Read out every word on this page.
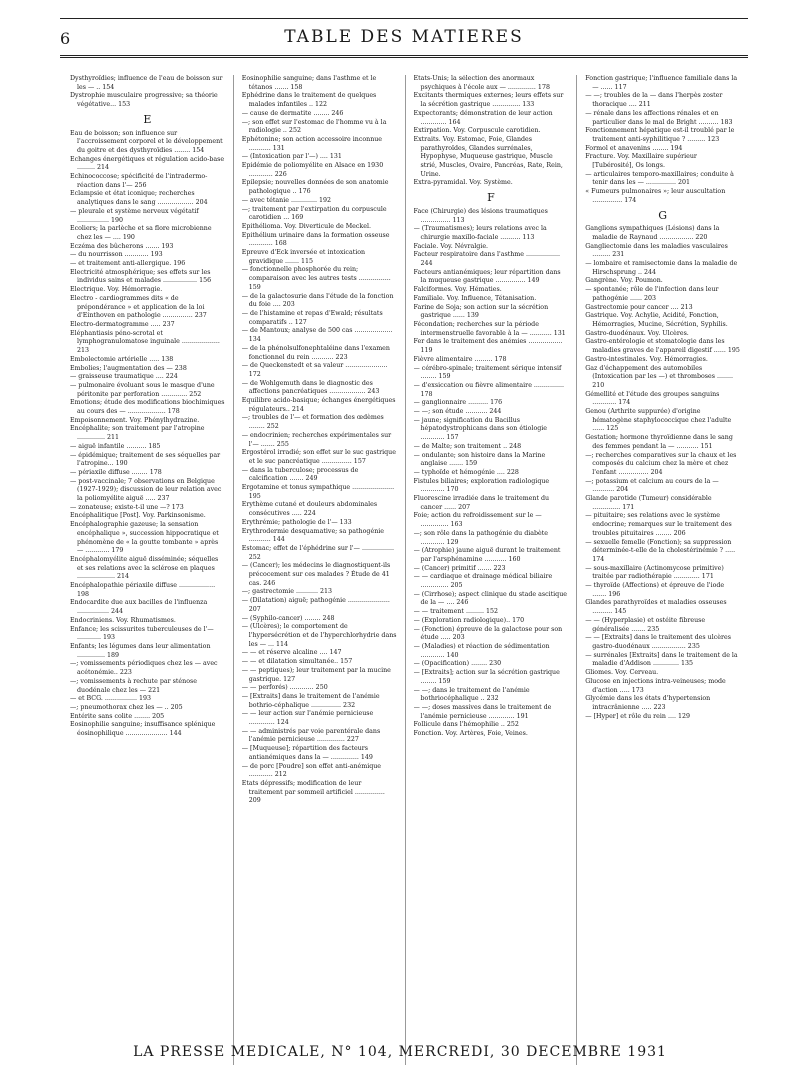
6	TABLE DES MATIERES

Dysthyroïdies; influence de l'eau de boisson sur les — .. 154

Dystrophie musculaire progressive; sa théorie végétative... 153

E

Eau de boisson; son influence sur l'accroissement corporel et le développement du goitre et des dysthyroïdies ........ 154

Echanges énergétiques et régulation acido-base ......... 214

Echinococcose; spécificité de l'intradermo-réaction dans l'— 256

Eclampsie et état iconique; recherches analytiques dans le sang .................. 204

— pleurale et système nerveux végétatif ................ 190

Ecoliers; la parlèche et sa flore microbienne chez les — .... 190

Eczéma des bûcherons ....... 193

— du nourrisson ............ 193

— et traitement anti-allergique. 196

Electricité atmosphérique; ses effets sur les individus sains et malades ................. 156

Electrique. Voy. Hémorragie.

Electro - cardiogrammes dits « de prépondérance » et application de la loi d'Einthoven en pathologie ............... 237

Electro-dermatogramme ..... 237

Eléphantiasis péno-scrotal et lymphogranulomatose inguinale ................... 213

Embolectomie artérielle ..... 138

Embolies; l'augmentation des — 238

— graisseuse traumatique .... 224

— pulmonaire évoluant sous le masque d'une péritonite par perforation ............. 252

Emotions; étude des modifications biochimiques au cours des — ................... 178

Empoisonnement. Voy. Phénylhydrazine.

Encéphalite; son traitement par l'atropine .............. 211

— aiguë infantile .......... 185

— épidémique; traitement de ses séquelles par l'atropine... 190

— périaxile diffuse ........ 178

— post-vaccinale; 7 observations en Belgique (1927-1929); discussion de leur relation avec la poliomyélite aiguë ..... 237

— zonateuse; existe-t-il une —? 173

Encéphalitique [Post]. Voy. Parkinsonisme.

Encéphalographie gazeuse; la sensation encéphalique », succession hippocratique et phénomène de « la goutte tombante » après — ............ 179

Encéphalomyélite aiguë disséminée; séquelles et ses relations avec la sclérose en plaques ................... 214

Encéphalopathie périaxile diffuse .................. 198

Endocardite due aux bacilles de l'influenza ................ 244

Endocriniens. Voy. Rhumatismes.

Enfance; les scissurites tuberculeuses de l'— ............ 193

Enfants; les légumes dans leur alimentation .............. 189

—; vomissements périodiques chez les — avec acétonémie.. 223

—; vomissements à rechute par sténose duodénale chez les — 221

— et BCG. ................ 193

—; pneumothorax chez les — .. 205

Entérite sans colite ........ 205

Eosinophilie sanguine; insuffisance splénique éosinophilique ..................... 144

Eosinophilie sanguine; dans l'asthme et le tétanos ....... 158

Ephédrine dans le traitement de quelques malades infantiles .. 122

— cause de dermatite ........ 246

—; son effet sur l'estomac de l'homme vu à la radiologie .. 252

Ephétonine; son action accessoire inconnue ........... 131

— (Intoxication par l'—) .... 131

Epidémie de poliomyélite en Alsace en 1930 ............ 226

Epilepsie; nouvelles données de son anatomie pathologique .. 176

— avec tétanie ............. 192

—; traitement par l'extirpation du corpuscule carotidien ... 169

Epithélioma. Voy. Diverticule de Meckel.

Epithélium urinaire dans la formation osseuse ............ 168

Epreuve d'Eck inversée et intoxication gravidique ....... 115

— fonctionnelle phosphorée du rein; comparaison avec les autres tests ................ 159

— de la galactosurie dans l'étude de la fonction du foie .... 203

— de l'histamine et repas d'Ewald; résultats comparatifs .. 127

— de Mantoux; analyse de 500 cas ................... 134

— de la phénolsulfonephtaléine dans l'examen fonctionnel du rein ........... 223

— de Queckenstedt et sa valeur ..................... 172

— de Wohlgemuth dans le diagnostic des affections pancréatiques .................. 243

Equilibre acido-basique; échanges énergétiques régulateurs.. 214

—; troubles de l'— et formation des œdèmes ........ 252

— endocrinien; recherches expérimentales sur l'— ....... 255

Ergostérol irradié; son effet sur le suc gastrique et le suc pancréatique ............... 157

— dans la tuberculose; processus de calcification ....... 249

Ergotamine et tonus sympathique ..................... 195

Erythème cutané et douleurs abdominales consécutives ..... 224

Erythrémie; pathologie de l'— 133

Erythrodermie desquamative; sa pathogénie ........... 144

Estomac; effet de l'éphédrine sur l'— ................ 252

— (Cancer); les médecins le diagnostiquent-ils précocement sur ces malades ? Étude de 41 cas. 246

—; gastrectomie ........... 213

— (Dilatation) aiguë; pathogénie ..................... 207

— (Syphilo-cancer) ........ 248

— (Ulcères); le comportement de l'hypersécrétion et de l'hyperchlorhydrie dans les — ... 114

— — et réserve alcaline .... 147

— — et dilatation simultanée.. 157

— — peptiques); leur traitement par la mucine gastrique. 127

— — perforés) ............ 250

— [Extraits] dans le traitement de l'anémie bothrio-céphalique ............... 232

— — leur action sur l'anémie pernicieuse ............. 124

— — administrés par voie parentérale dans l'anémie pernicieuse .............. 227

— [Muqueuse]; répartition des facteurs antianémiques dans la — .............. 149

— de porc [Poudre] son effet anti-anémique ............ 212

Etats dépressifs; modification de leur traitement par sommeil artificiel ............... 209

Etats-Unis; la sélection des anormaux psychiques à l'école aux — .............. 178

Excitants thermiques externes; leurs effets sur la sécrétion gastrique .............. 133

Expectorants; démonstration de leur action ............. 164

Extirpation. Voy. Corpuscule carotidien.

Extraits. Voy. Estomac, Foie, Glandes parathyroïdes, Glandes surrénales, Hypophyse, Muqueuse gastrique, Muscle strié, Muscles, Ovaire, Pancréas, Rate, Rein, Urine.

Extra-pyramidal. Voy. Système.

F

Face (Chirurgie) des lésions traumatiques ............... 113

— (Traumatismes); leurs relations avec la chirurgie maxillo-faciale .......... 113

Faciale. Voy. Névralgie.

Facteur respiratoire dans l'asthme ................. 244

Facteurs antianémiques; leur répartition dans la muqueuse gastrique ............... 149

Falciformes. Voy. Hématies.

Familiale. Voy. Influence, Tétanisation.

Farine de Soja; son action sur la sécrétion gastrique ...... 139

Fécondation; recherches sur la période intermenstruelle favorable à la — ........... 131

Fer dans le traitement des anémies ................. 119

Fièvre alimentaire ......... 178

— cérébro-spinale; traitement sérique intensif ........ 159

— d'exsiccation ou fièvre alimentaire ............... 178

— ganglionnaire .......... 176

— —; son étude ........... 244

— jaune; signification du Bacillus hépatodystrophicans dans son étiologie ............ 157

— de Malte; son traitement .. 248

— ondulante; son histoire dans la Marine anglaise ....... 159

— typhoïde et hémogénie .... 228

Fistules biliaires; exploration radiologique ............ 170

Fluorescine irradiée dans le traitement du cancer ...... 207

Foie; action du refroidissement sur le — .............. 163

—; son rôle dans la pathogénie du diabète ............ 129

— (Atrophie) jaune aiguë durant le traitement par l'arsphénamine ........... 160

— (Cancer) primitif ....... 223

— — cardiaque et drainage médical biliaire .............. 205

— (Cirrhose); aspect clinique du stade ascitique de la — .... 246

— — traitement ......... 152

— (Exploration radiologique).. 170

— (Fonction) épreuve de la galactose pour son étude ..... 203

— (Maladies) et réaction de sédimentation ............ 140

— (Opacification) ........ 230

— [Extraits]; action sur la sécrétion gastrique ........ 159

— —; dans le traitement de l'anémie bothriocéphalique .. 232

— —; doses massives dans le traitement de l'anémie pernicieuse ............. 191

Follicule dans l'hémophilie .. 252

Fonction. Voy. Artères, Foie, Veines.

Fonction gastrique; l'influence familiale dans la — ...... 117

— —; troubles de la — dans l'herpès zoster thoracique .... 211

— rénale dans les affections rénales et en particulier dans le mal de Bright .......... 183

Fonctionnement hépatique est-il troublé par le traitement anti-syphilitique ? ......... 123

Formol et anavenins ........ 194

Fracture. Voy. Maxillaire supérieur [Tubérosité], Os longs.

— articulaires temporo-maxillaires; conduite à tenir dans les — ............... 201

« Fumeurs pulmonaires »; leur auscultation ............... 174

G

Ganglions sympathiques (Lésions) dans la maladie de Raynaud ................. 220

Gangliectomie dans les maladies vasculaires ......... 231

— lombaire et ramisectomie dans la maladie de Hirschsprung .. 244

Gangrène. Voy. Poumon.

— spontanée; rôle de l'infection dans leur pathogénie ...... 203

Gastrectomie pour cancer .... 213

Gastrique. Voy. Achylie, Acidité, Fonction, Hémorragies, Mucine, Sécrétion, Syphilis.

Gastro-duodénaux. Voy. Ulcères.

Gastro-entérologie et stomatologie dans les maladies graves de l'appareil digestif ...... 195

Gastro-intestinales. Voy. Hémorragies.

Gaz d'échappement des automobiles (Intoxication par les —) et thromboses ........ 210

Gémellité et l'étude des groupes sanguins ............ 174

Genou (Arthrite suppurée) d'origine hématogène staphylococcique chez l'adulte ...... 125

Gestation; hormone thyroïdienne dans le sang des femmes pendant la — ........... 151

—; recherches comparatives sur la chaux et les composés du calcium chez la mère et chez l'enfant ............... 204

—; potassium et calcium au cours de la — ........... 204

Glande parotide (Tumeur) considérable .............. 171

— pituitaire; ses relations avec le système endocrine; remarques sur le traitement des troubles pituitaires ........ 206

— sexuelle femelle (Fonction); sa suppression déterminée-t-elle de la cholestérinémie ? ..... 174

— sous-maxillaire (Actinomycose primitive) traitée par radiothérapie ............. 171

— thyroïde (Affections) et épreuve de l'iode ....... 196

Glandes parathyroïdes et maladies osseuses .......... 145

— — (Hyperplasie) et ostéite fibreuse généralisée ....... 235

— — [Extraits] dans le traitement des ulcères gastro-duodénaux ................. 235

— surrénales [Extraits] dans le traitement de la maladie d'Addison ............. 135

Gliomes. Voy. Cerveau.

Glucose en injections intra-veineuses; mode d'action ..... 173

Glycémie dans les états d'hypertension intracrânienne ..... 223

— [Hyper] et rôle du rein .... 129

LA PRESSE MEDICALE, N° 104, MERCREDI, 30 DECEMBRE 1931
